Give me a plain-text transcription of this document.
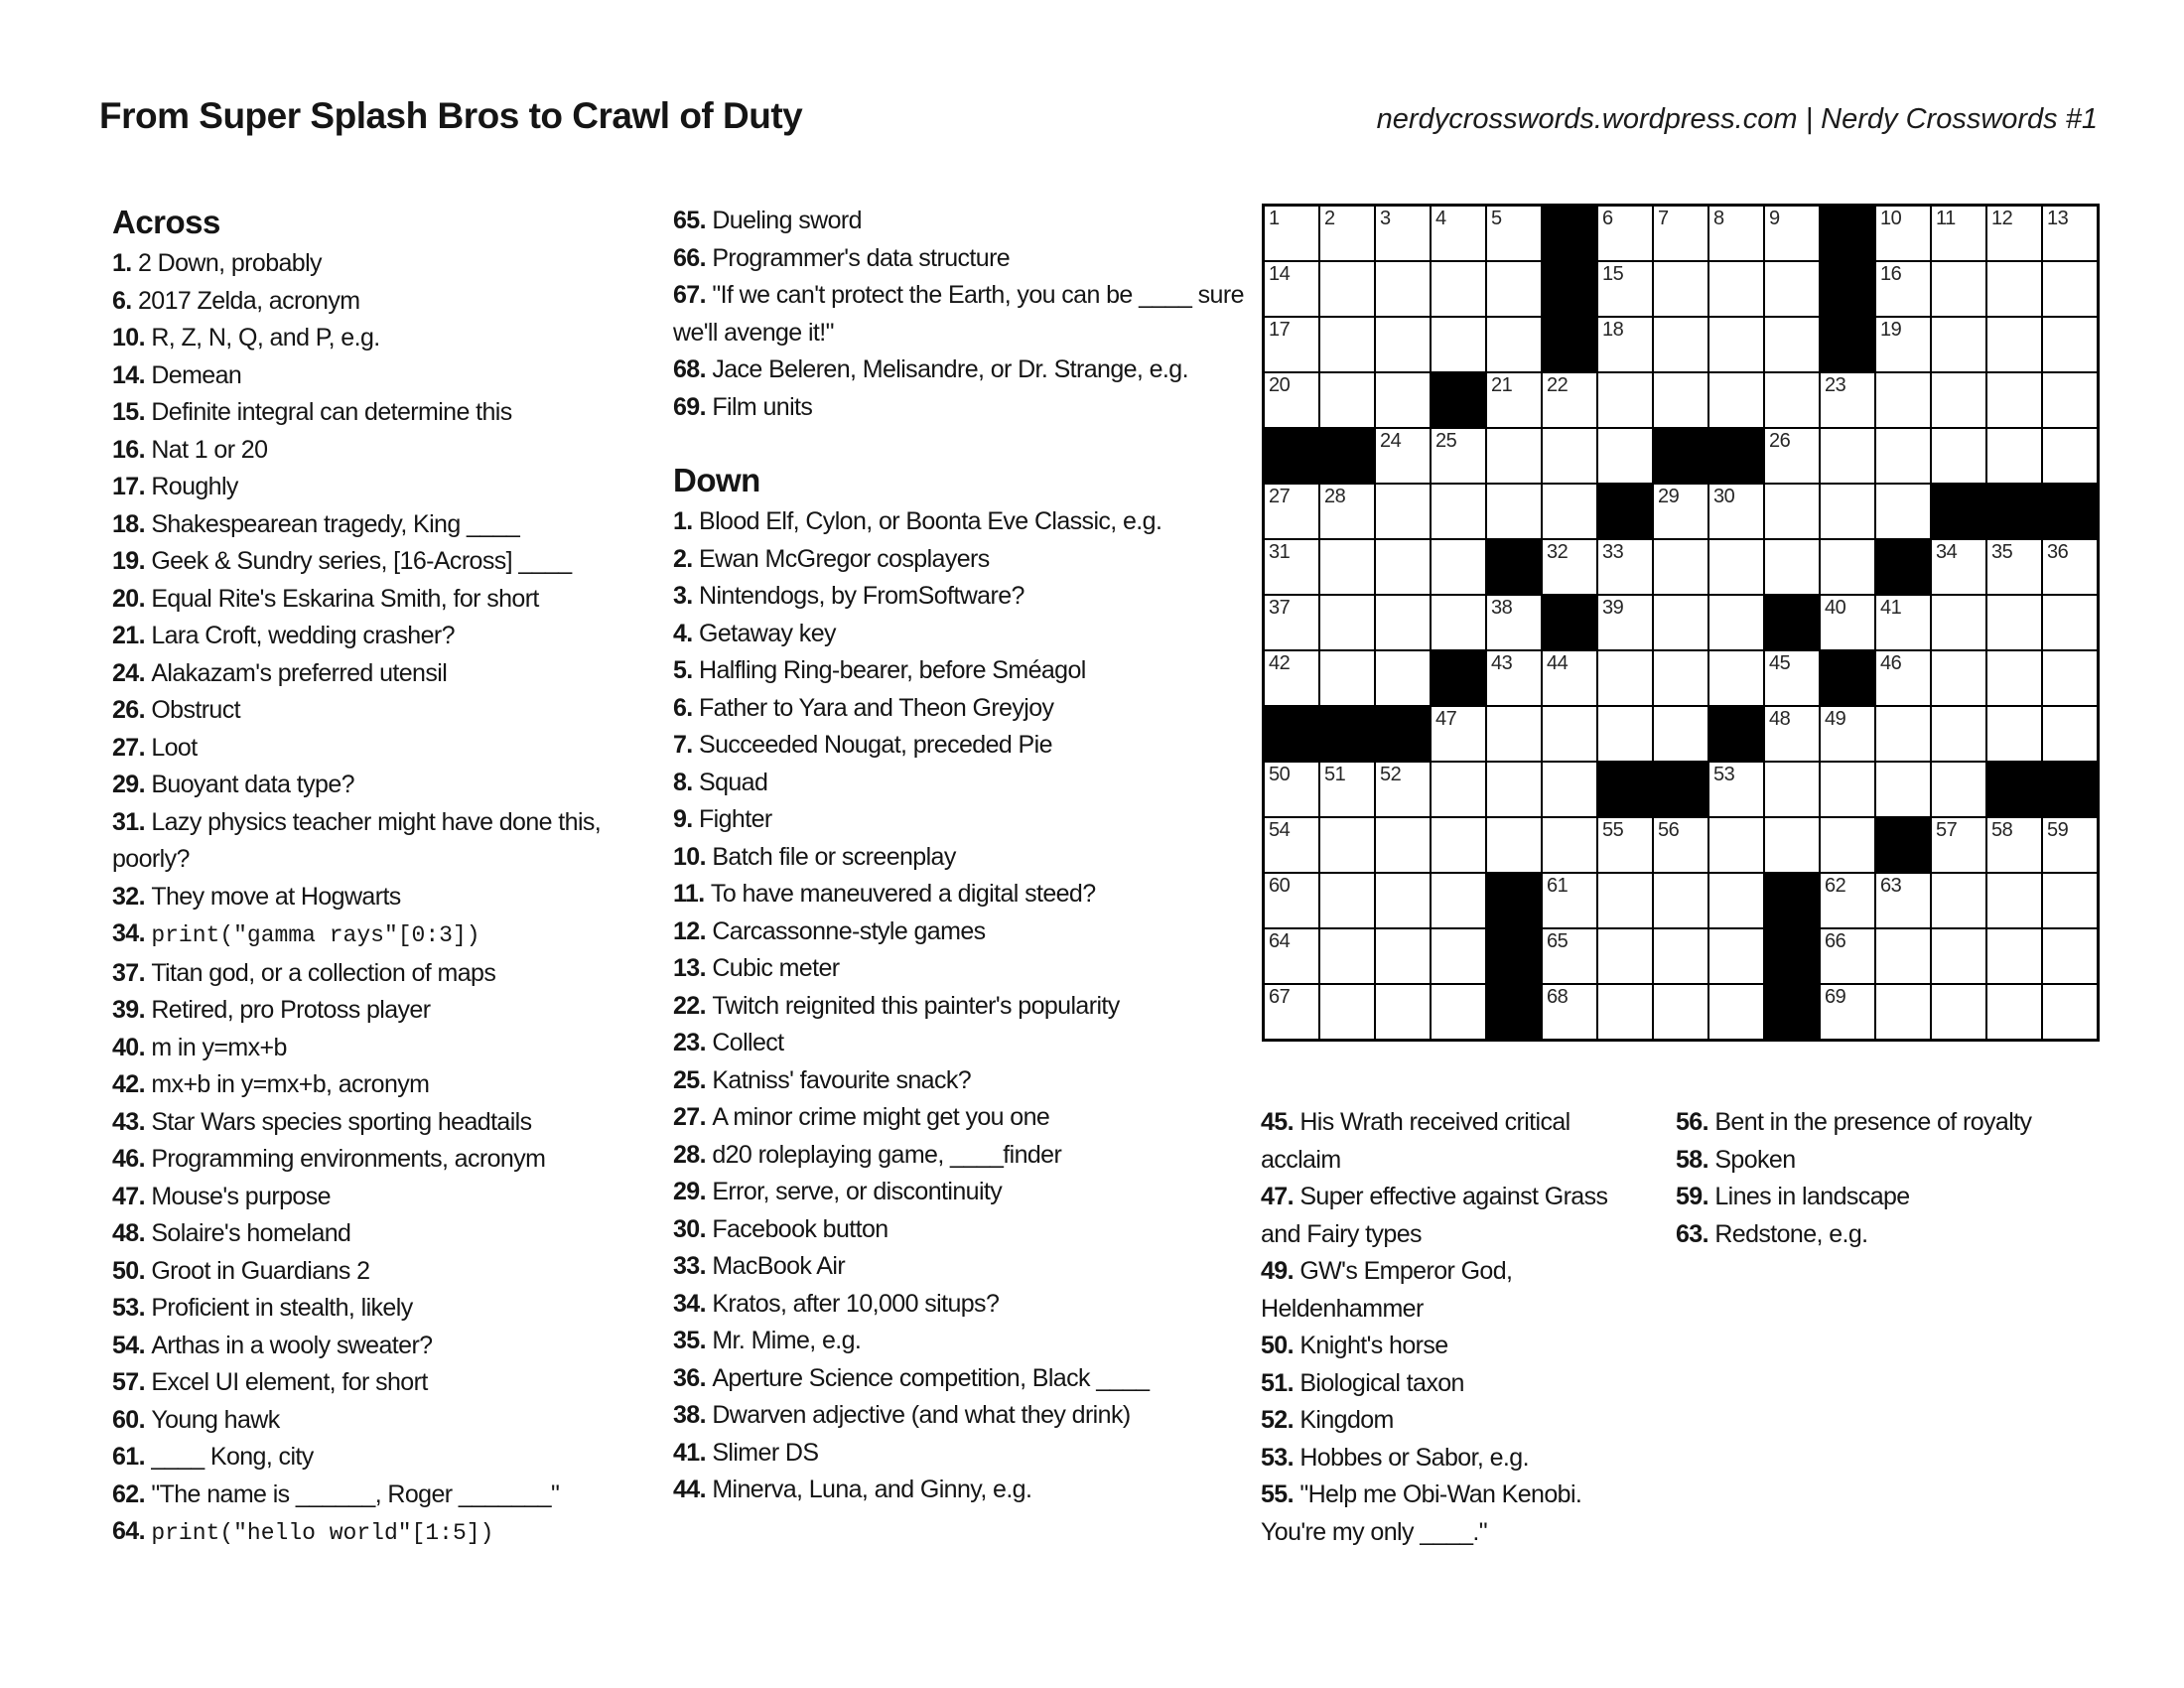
From Super Splash Bros to Crawl of Duty	nerdycrosswords.wordpress.com | Nerdy Crosswords #1
Across
1. 2 Down, probably
6. 2017 Zelda, acronym
10. R, Z, N, Q, and P, e.g.
14. Demean
15. Definite integral can determine this
16. Nat 1 or 20
17. Roughly
18. Shakespearean tragedy, King ____
19. Geek & Sundry series, [16-Across] ____
20. Equal Rite's Eskarina Smith, for short
21. Lara Croft, wedding crasher?
24. Alakazam's preferred utensil
26. Obstruct
27. Loot
29. Buoyant data type?
31. Lazy physics teacher might have done this, poorly?
32. They move at Hogwarts
34. print("gamma rays"[0:3])
37. Titan god, or a collection of maps
39. Retired, pro Protoss player
40. m in y=mx+b
42. mx+b in y=mx+b, acronym
43. Star Wars species sporting headtails
46. Programming environments, acronym
47. Mouse's purpose
48. Solaire's homeland
50. Groot in Guardians 2
53. Proficient in stealth, likely
54. Arthas in a wooly sweater?
57. Excel UI element, for short
60. Young hawk
61. ____ Kong, city
62. "The name is ______, Roger _______"
64. print("hello world"[1:5])
65. Dueling sword
66. Programmer's data structure
67. "If we can't protect the Earth, you can be ____ sure we'll avenge it!"
68. Jace Beleren, Melisandre, or Dr. Strange, e.g.
69. Film units
Down
1. Blood Elf, Cylon, or Boonta Eve Classic, e.g.
2. Ewan McGregor cosplayers
3. Nintendogs, by FromSoftware?
4. Getaway key
5. Halfling Ring-bearer, before Sméagol
6. Father to Yara and Theon Greyjoy
7. Succeeded Nougat, preceded Pie
8. Squad
9. Fighter
10. Batch file or screenplay
11. To have maneuvered a digital steed?
12. Carcassonne-style games
13. Cubic meter
22. Twitch reignited this painter's popularity
23. Collect
25. Katniss' favourite snack?
27. A minor crime might get you one
28. d20 roleplaying game, ____finder
29. Error, serve, or discontinuity
30. Facebook button
33. MacBook Air
34. Kratos, after 10,000 situps?
35. Mr. Mime, e.g.
36. Aperture Science competition, Black ____
38. Dwarven adjective (and what they drink)
41. Slimer DS
44. Minerva, Luna, and Ginny, e.g.
45. His Wrath received critical acclaim
47. Super effective against Grass and Fairy types
49. GW's Emperor God, Heldenhammer
50. Knight's horse
51. Biological taxon
52. Kingdom
53. Hobbes or Sabor, e.g.
55. "Help me Obi-Wan Kenobi. You're my only ____."
56. Bent in the presence of royalty
58. Spoken
59. Lines in landscape
63. Redstone, e.g.
1 2 3 4 5	6 7 8 9	10 11 12 13
14	15	16
17	18	19
20	21 22	23
24 25	26
27 28	29 30
31	32 33	34 35 36
37	38	39	40 41
42	43 44	45	46
47	48 49
50 51 52	53
54	55 56	57 58 59
60	61	62 63
64	65	66
67	68	69
